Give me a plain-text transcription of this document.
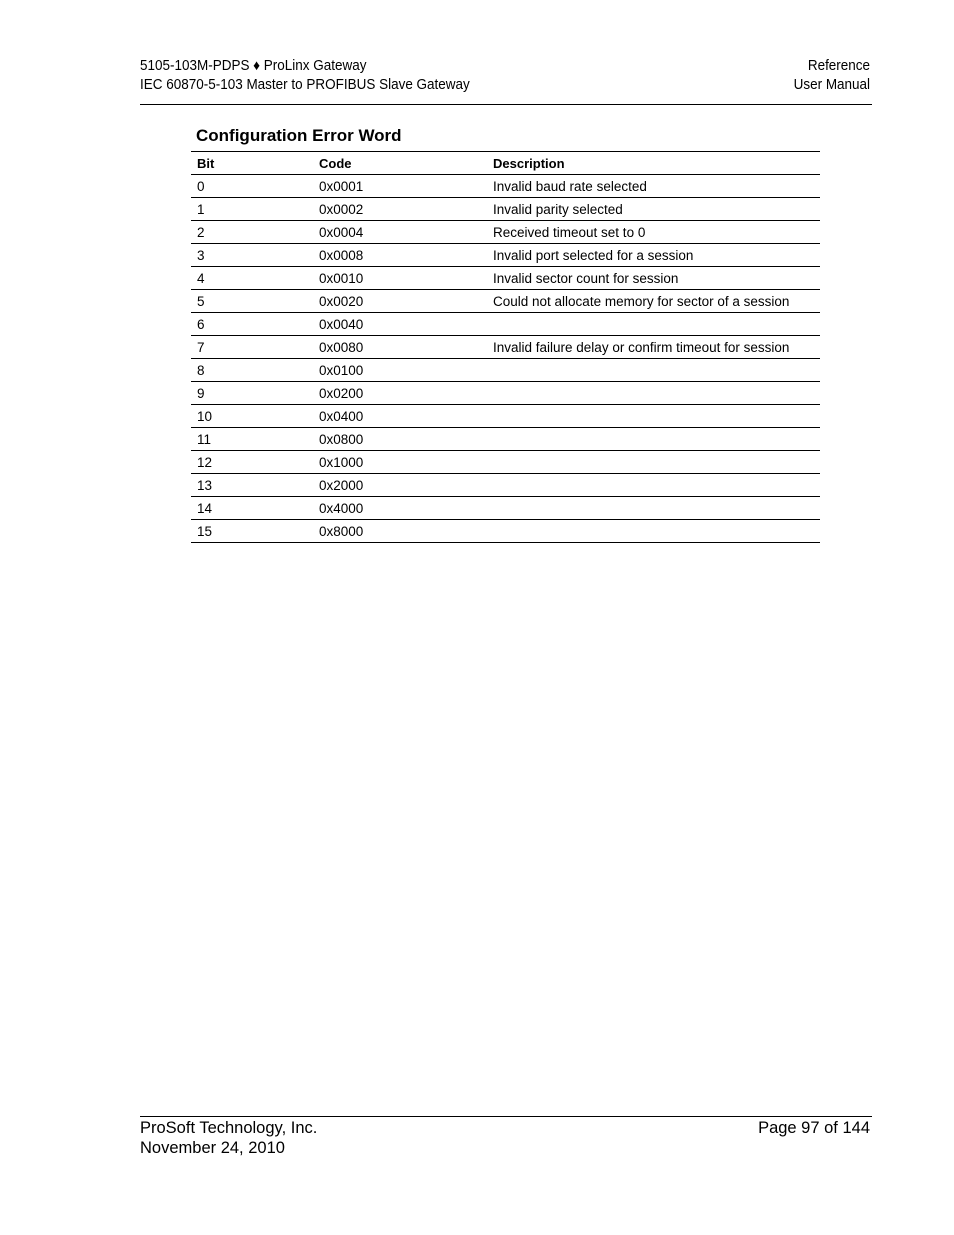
5105-103M-PDPS ♦ ProLinx Gateway
IEC 60870-5-103 Master to PROFIBUS Slave Gateway
Reference
User Manual
Configuration Error Word
Bit	Code	Description
0	0x0001	Invalid baud rate selected
1	0x0002	Invalid parity selected
2	0x0004	Received timeout set to 0
3	0x0008	Invalid port selected for a session
4	0x0010	Invalid sector count for session
5	0x0020	Could not allocate memory for sector of a session
6	0x0040	
7	0x0080	Invalid failure delay or confirm timeout for session
8	0x0100	
9	0x0200	
10	0x0400	
11	0x0800	
12	0x1000	
13	0x2000	
14	0x4000	
15	0x8000	
ProSoft Technology, Inc.
November 24, 2010
Page 97 of 144
